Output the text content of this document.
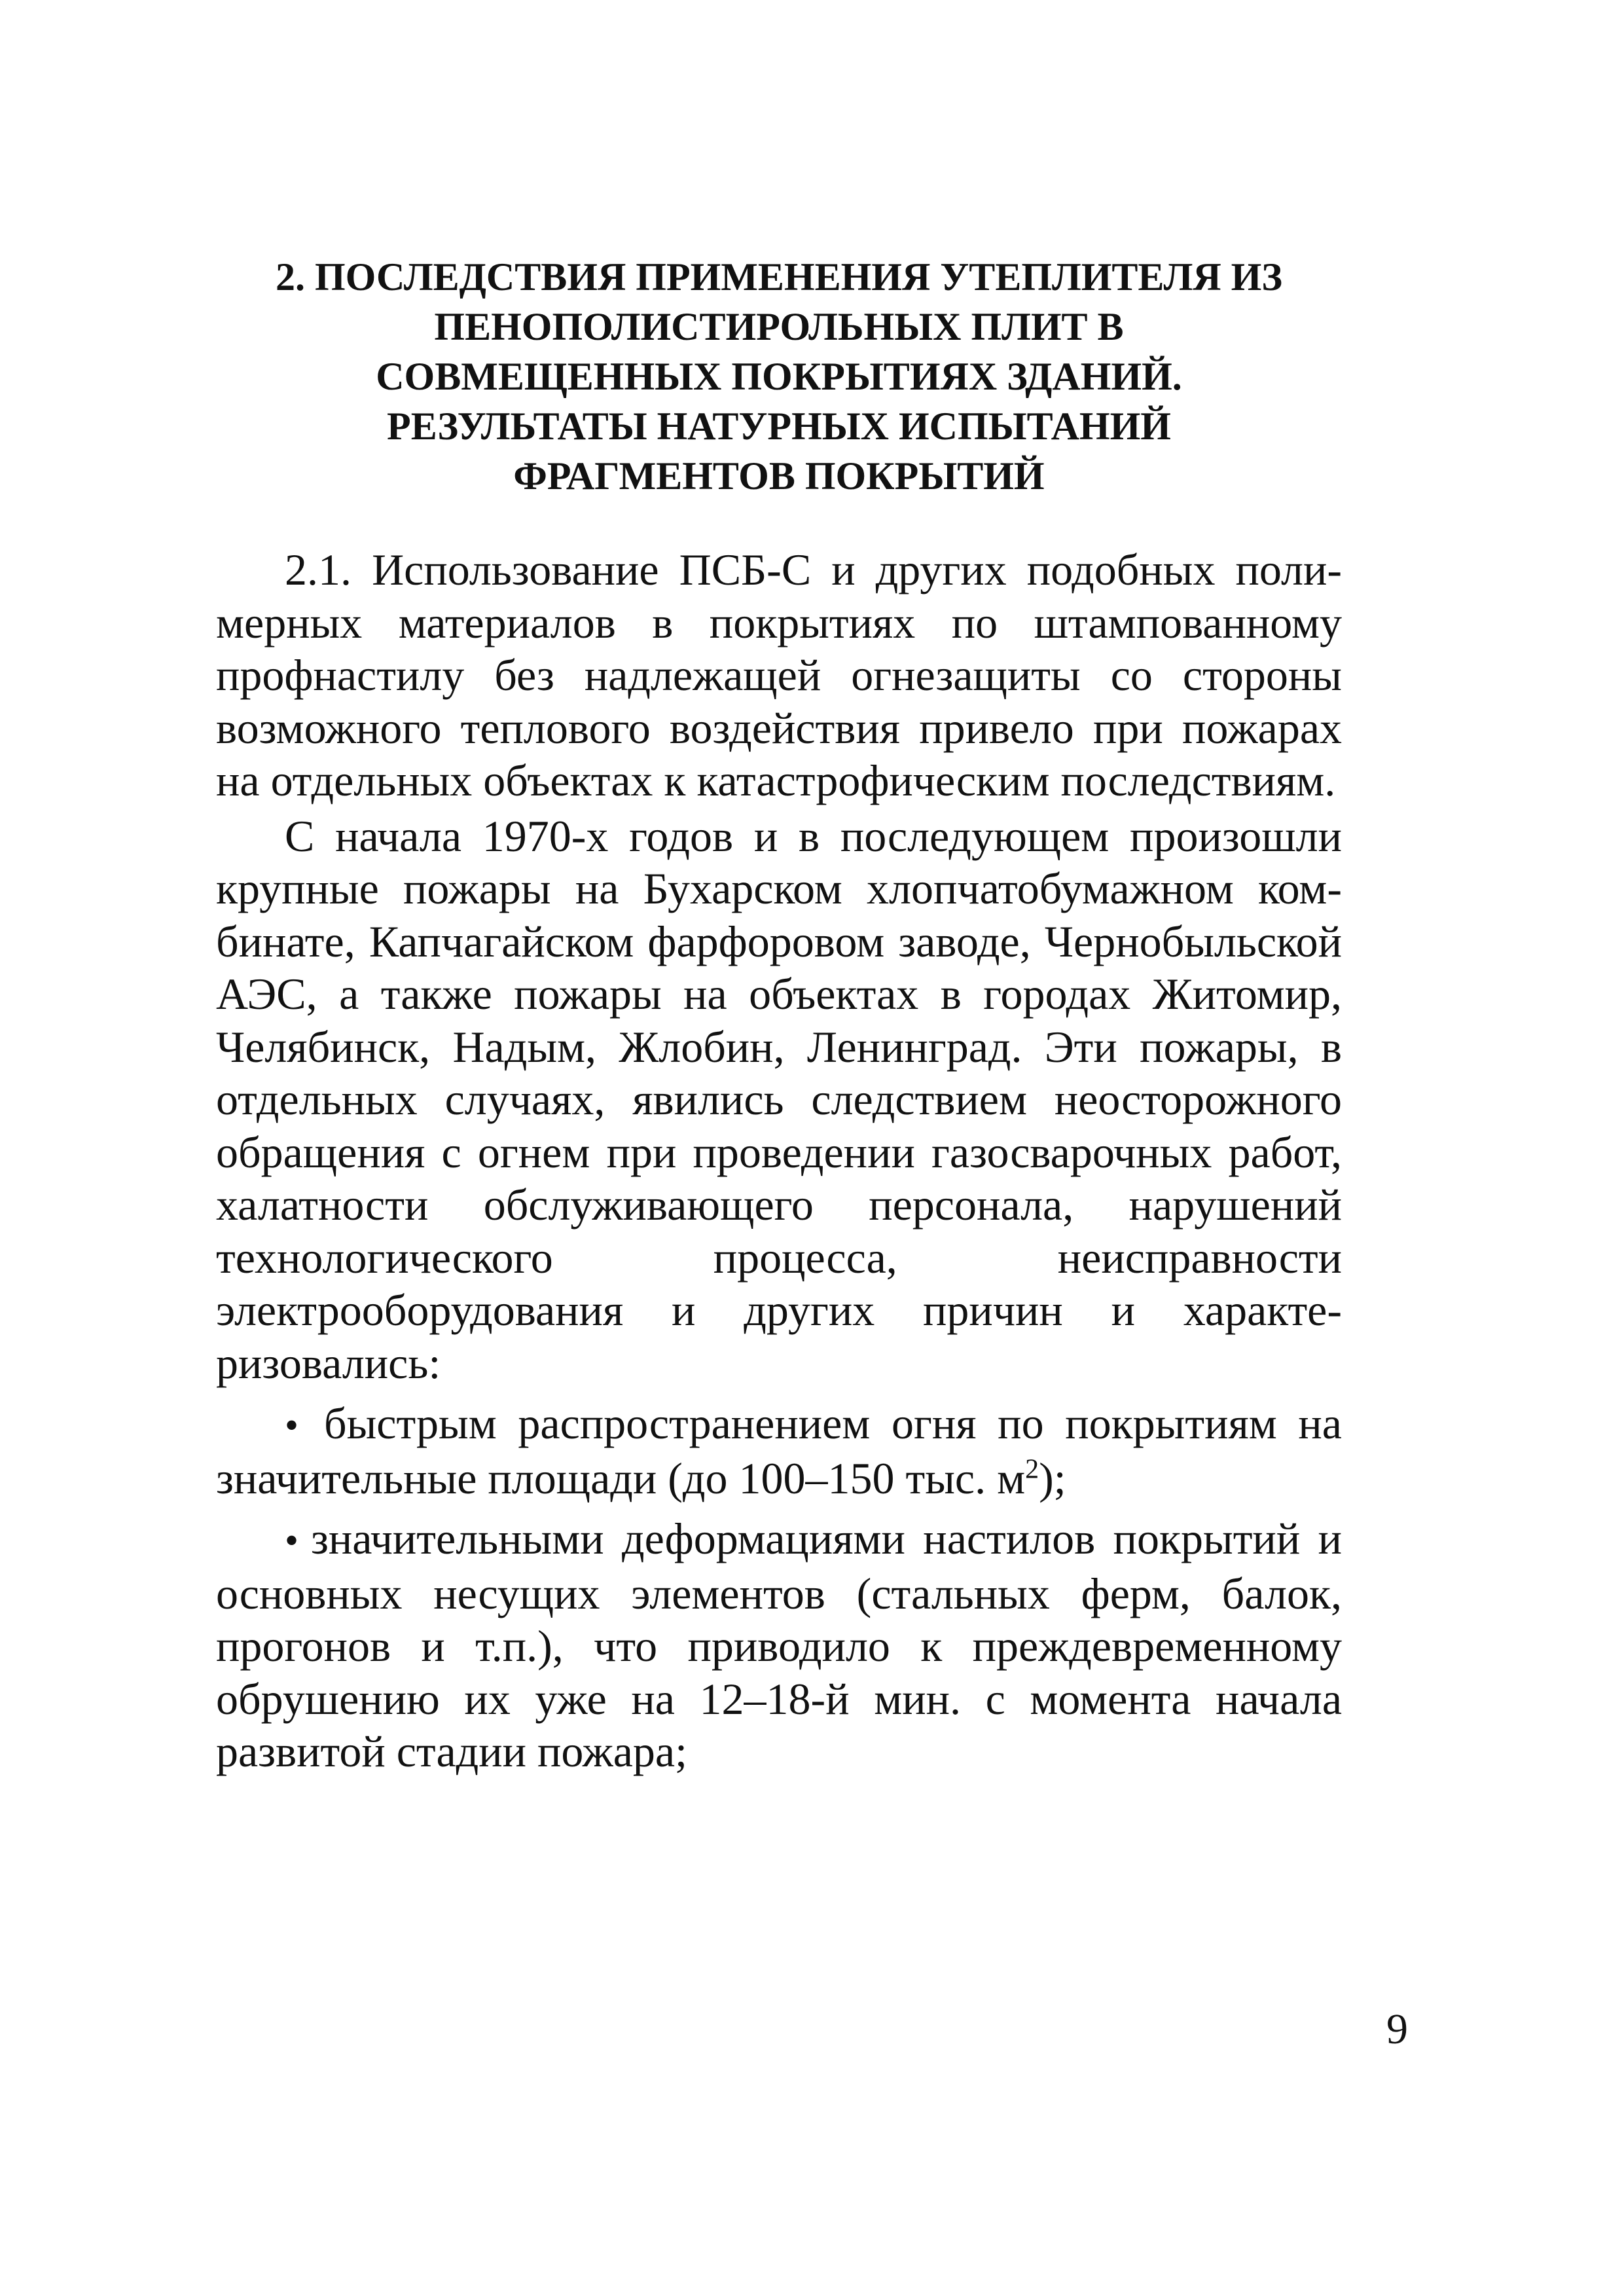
2. ПОСЛЕДСТВИЯ ПРИМЕНЕНИЯ УТЕПЛИТЕЛЯ ИЗ
ПЕНОПОЛИСТИРОЛЬНЫХ ПЛИТ В
СОВМЕЩЕННЫХ ПОКРЫТИЯХ ЗДАНИЙ.
РЕЗУЛЬТАТЫ НАТУРНЫХ ИСПЫТАНИЙ
ФРАГМЕНТОВ ПОКРЫТИЙ

2.1. Использование ПСБ-С и других подобных полимерных материалов в покрытиях по штампованному профнастилу без надлежащей огнезащиты со стороны возможного теплового воздействия привело при пожарах на отдельных объектах к катастрофическим последствиям.

С начала 1970-х годов и в последующем произошли крупные пожары на Бухарском хлопчатобумажном комбинате, Капчагайском фарфоровом заводе, Чернобыльской АЭС, а также пожары на объектах в городах Житомир, Челябинск, Надым, Жлобин, Ленинград. Эти пожары, в отдельных случаях, явились следствием неосторожного обращения с огнем при проведении газосварочных работ, халатности обслуживающего персонала, нарушений технологического процесса, неисправности электрооборудования и других причин и характеризовались:

• быстрым распространением огня по покрытиям на значительные площади (до 100–150 тыс. $м^2$);

• значительными деформациями настилов покрытий и основных несущих элементов (стальных ферм, балок, прогонов и т.п.), что приводило к преждевременному обрушению их уже на 12–18-й мин. с момента начала развитой стадии пожара;

9
